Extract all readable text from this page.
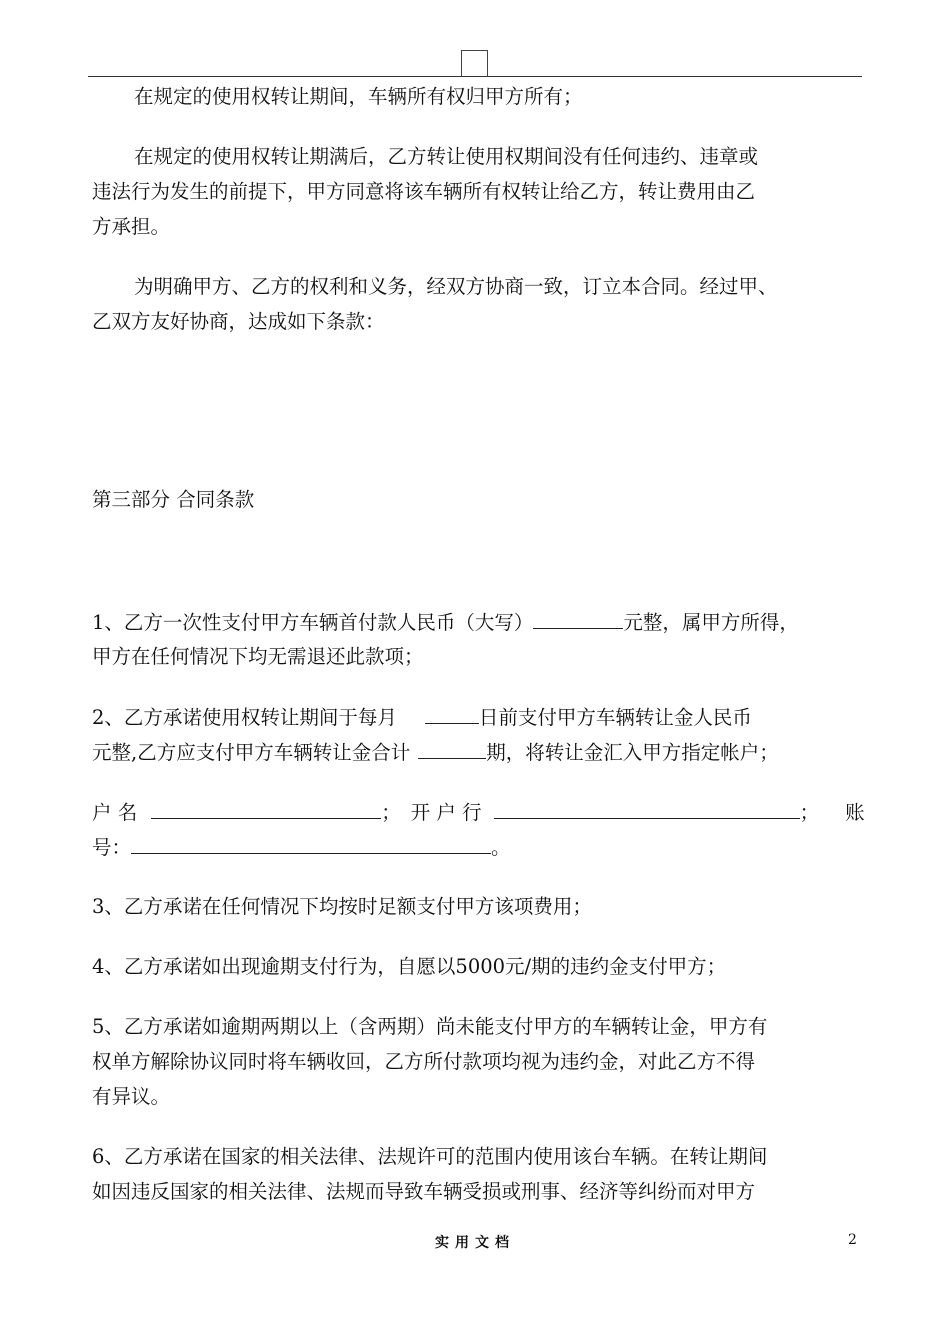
在规定的使用权转让期间，车辆所有权归甲方所有；

在规定的使用权转让期满后，乙方转让使用权期间没有任何违约、违章或

违法行为发生的前提下，甲方同意将该车辆所有权转让给乙方，转让费用由乙

方承担。

为明确甲方、乙方的权利和义务，经双方协商一致，订立本合同。经过甲、

乙双方友好协商，达成如下条款：

第三部分 合同条款

1、乙方一次性支付甲方车辆首付款人民币（大写）	元整，属甲方所得，

甲方在任何情况下均无需退还此款项；

2、乙方承诺使用权转让期间于每月	日前支付甲方车辆转让金人民币

元整,乙方应支付甲方车辆转让金合计	期，将转让金汇入甲方指定帐户；

户 名	； 开 户 行	； 账

号：	。

3、乙方承诺在任何情况下均按时足额支付甲方该项费用；

4、乙方承诺如出现逾期支付行为，自愿以5000元/期的违约金支付甲方；

5、乙方承诺如逾期两期以上（含两期）尚未能支付甲方的车辆转让金，甲方有

权单方解除协议同时将车辆收回，乙方所付款项均视为违约金，对此乙方不得

有异议。

6、乙方承诺在国家的相关法律、法规许可的范围内使用该台车辆。在转让期间

如因违反国家的相关法律、法规而导致车辆受损或刑事、经济等纠纷而对甲方

实用文档	2
